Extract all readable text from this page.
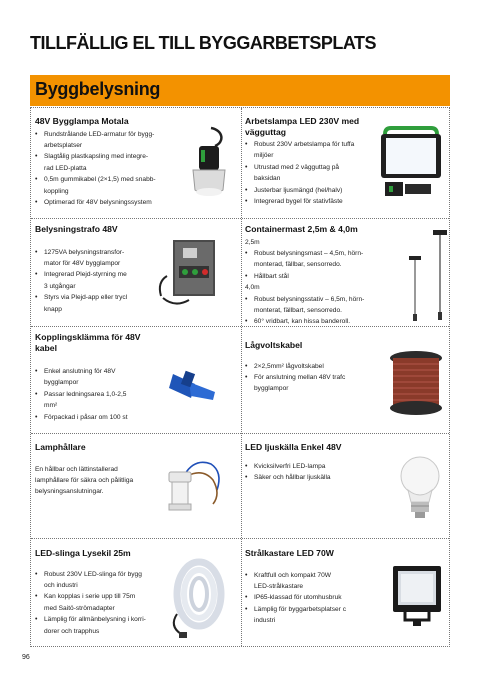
TILLFÄLLIG EL TILL BYGGARBETSPLATS
Byggbelysning
48V Bygglampa Motala
• Rundstrålande LED-armatur för bygg-
arbetsplatser
• Slagtålig plastkapsling med integre-
rad LED-platta
• 0,5m gummikabel (2×1,5) med snabb-
koppling
• Optimerad för 48V belysningssystem
Arbetslampa LED 230V med vägguttag
• Robust 230V arbetslampa för tuffa
miljöer
• Utrustad med 2 vägguttag på
baksidan
• Justerbar ljusmängd (hel/halv)
• Integrerad bygel för stativfäste
Belysningstrafo 48V
• 1275VA belysningstransfor-
mator för 48V bygglampor
• Integrerad Plejd-styrning me
3 utgångar
• Styrs via Plejd-app eller trycl
knapp
Containermast 2,5m & 4,0m

2,5m

• Robust belysningsmast – 4,5m, hörn-
monterad, fällbar, sensorredo.
• Hållbart stål

4,0m

• Robust belysningsstativ – 6,5m, hörn-
monterat, fällbart, sensorredo.
• 60° vridbart, kan hissa banderoll.
Kopplingsklämma för 48V kabel
• Enkel anslutning för 48V
bygglampor
• Passar ledningsarea 1,0-2,5
mm²
• Förpackad i påsar om 100 st
Lågvoltskabel
• 2×2,5mm² lågvoltskabel
• För anslutning mellan 48V trafc
bygglampor
Lamphållare

En hållbar och lättinstallerad

lamphållare för säkra och pålitliga

belysningsanslutningar.

LED ljuskälla Enkel 48V
• Kvicksilverfri LED-lampa
• Säker och hållbar ljuskälla
LED-slinga Lysekil 25m
• Robust 230V LED-slinga för bygg
och industri
• Kan kopplas i serie upp till 75m
med Saitö-strömadapter
• Lämplig för allmänbelysning i korri-
dorer och trapphus
Strålkastare LED 70W
• Kraftfull och kompakt 70W
LED-strålkastare
• IP65-klassad för utomhusbruk
• Lämplig för byggarbetsplatser c
industri
96
